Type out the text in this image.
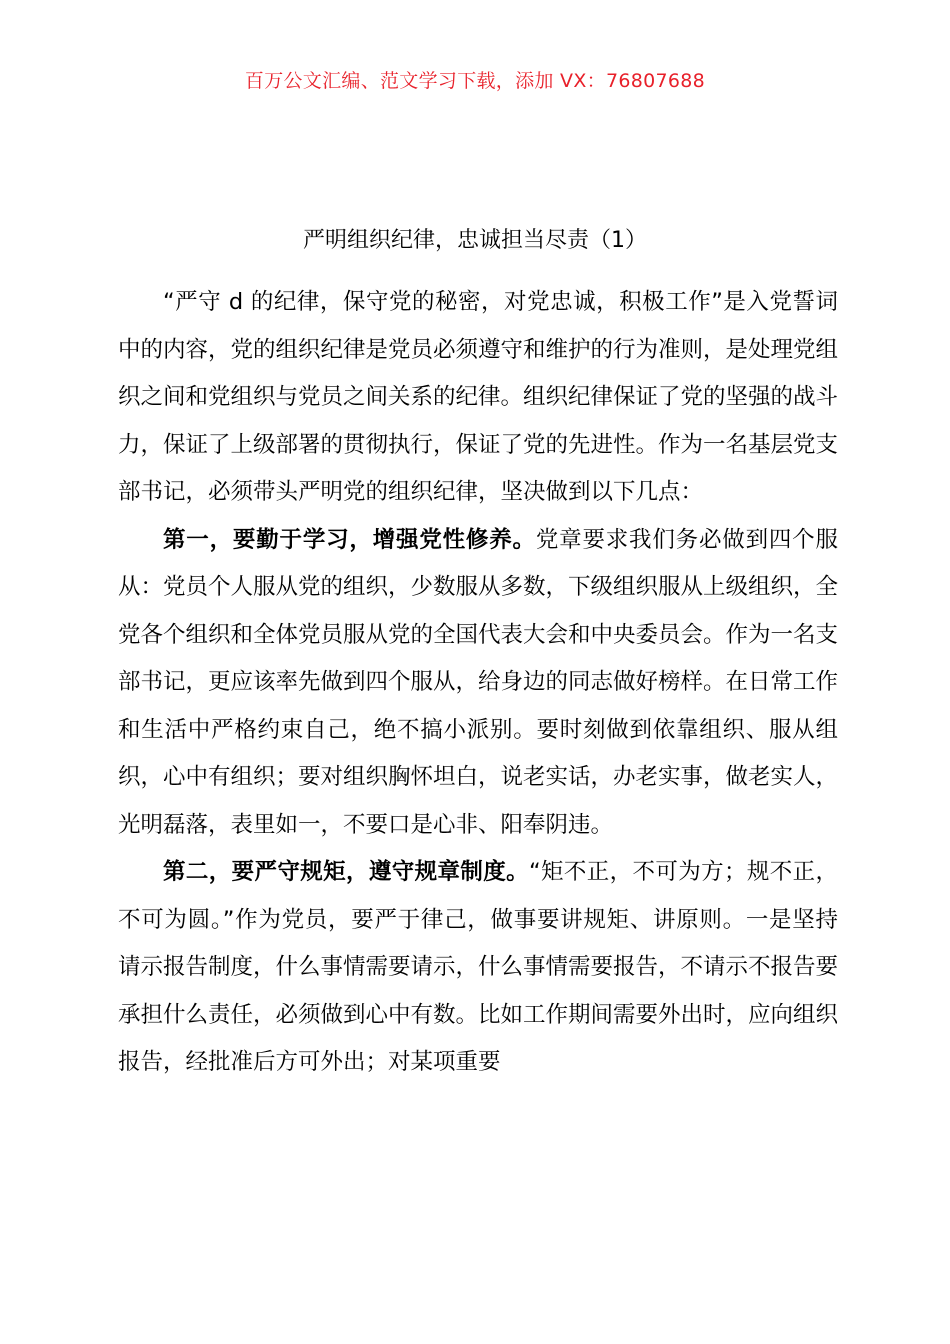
百万公文汇编、范文学习下载，添加 VX：76807688
严明组织纪律，忠诚担当尽责（1）

“严守 d 的纪律，保守党的秘密，对党忠诚，积极工作”是入党誓词中的内容，党的组织纪律是党员必须遵守和维护的行为准则，是处理党组织之间和党组织与党员之间关系的纪律。组织纪律保证了党的坚强的战斗力，保证了上级部署的贯彻执行，保证了党的先进性。作为一名基层党支部书记，必须带头严明党的组织纪律，坚决做到以下几点：

第一，要勤于学习，增强党性修养。党章要求我们务必做到四个服从：党员个人服从党的组织，少数服从多数，下级组织服从上级组织，全党各个组织和全体党员服从党的全国代表大会和中央委员会。作为一名支部书记，更应该率先做到四个服从，给身边的同志做好榜样。在日常工作和生活中严格约束自己，绝不搞小派别。要时刻做到依靠组织、服从组织，心中有组织；要对组织胸怀坦白，说老实话，办老实事，做老实人，光明磊落，表里如一，不要口是心非、阳奉阴违。

第二，要严守规矩，遵守规章制度。“矩不正，不可为方；规不正，不可为圆。”作为党员，要严于律己，做事要讲规矩、讲原则。一是坚持请示报告制度，什么事情需要请示，什么事情需要报告，不请示不报告要承担什么责任，必须做到心中有数。比如工作期间需要外出时，应向组织报告，经批准后方可外出；对某项重要
